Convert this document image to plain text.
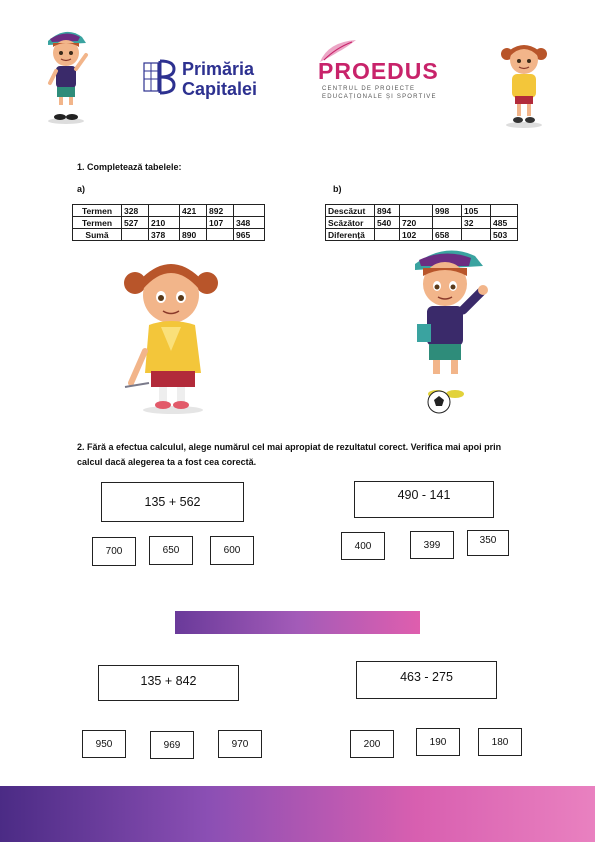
Primăria
Capitalei
PROEDUS
CENTRUL DE PROIECTE
EDUCAȚIONALE ȘI SPORTIVE
1. Completează tabelele:
a)	b)
Termen	328		421	892	
Termen	527	210		107	348
Sumă		378	890		965
Descăzut	894		998	105	
Scăzător	540	720		32	485
Diferență		102	658		503
2. Fără a efectua calculul, alege numărul cel mai apropiat de rezultatul corect. Verifica mai apoi prin
calcul dacă alegerea ta a fost cea corectă.
135 + 562
700	650	600
490 - 141
400	399	350
135 + 842
950	969	970
463 - 275
200	190	180
